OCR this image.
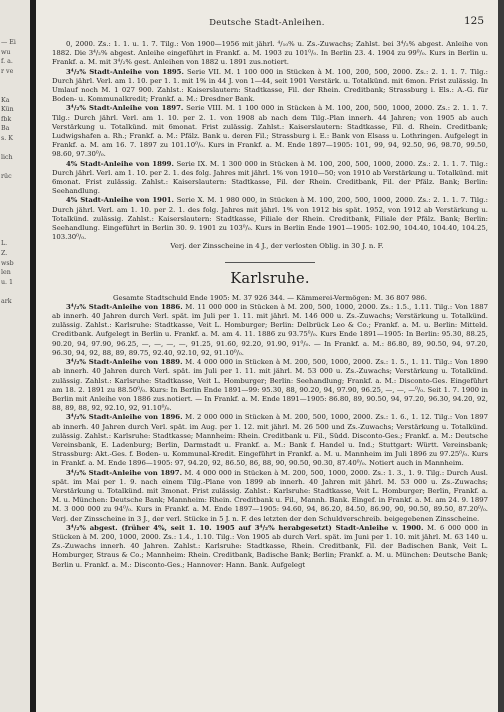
— Ei
wu
f. a.
r ve

Ka
Kün
fbk
Ba
s. K

lich

rüc

L.
Z.
wsb
len
u. 1

ark

Deutsche Stadt-Anleihen.	125

0, 2000. Zs.: 1. 1. u. 1. 7. Tilg.: Von 1900—1956 mit jährl. ⁴/₁₀% u. Zs.-Zuwachs; Zahlst. bei 3⁴/₂% abgest. Anleihe von 1882. Die 3⁴/₂% abgest. Anleihe eingeführt in Frankf. a. M. 1903 zu 101⁰/₀. In Berlin 23. 4. 1904 zu 99⁰/₀. Kurs in Berlin u. Frankf. a. M. mit 3⁴/₂% gest. Anleihen von 1882 u. 1891 zus.notiert.

3⁴/₂% Stadt-Anleihe von 1895. Serie VII. M. 1 100 000 in Stücken à M. 100, 200, 500, 2000. Zs.: 2. 1. 1. 7. Tilg.: Durch jährl. Verl. am 1. 10. per 1. 1. mit 1% in 44 J. von 1—44, seit 1901 Verstärk. u. Totalkünd. mit 6mon. Frist zulässig. In Umlauf noch M. 1 027 900. Zahlst.: Kaiserslautern: Stadtkasse, Fil. der Rhein. Creditbank; Strassburg i. Els.: A.-G. für Boden- u. Kommunalkredit; Frankf. a. M.: Dresdner Bank.

3⁴/₂% Stadt-Anleihe von 1897. Serie VIII. M. 1 100 000 in Stücken à M. 100, 200, 500, 1000, 2000. Zs.: 2. 1. 1. 7. Tilg.: Durch jährl. Verl. am 1. 10. per 2. 1. von 1908 ab nach dem Tilg.-Plan innerh. 44 Jahren; von 1905 ab auch Verstärkung u. Totalkünd. mit 6monat. Frist zulässig. Zahlst.: Kaiserslautern: Stadtkasse, Fil. d. Rhein. Creditbank; Ludwigshafen a. Rh.; Frankf. a. M.: Pfälz. Bank u. deren Fil.; Strassburg i. E.: Bank von Elsass u. Lothringen. Aufgelegt in Frankf. a. M. am 16. 7. 1897 zu 101.10⁰/₀. Kurs in Frankf. a. M. Ende 1897—1905: 101, 99, 94, 92.50, 96, 98.70, 99.50, 98.60, 97.30⁰/₀.

4% Stadt-Anleihe von 1899. Serie IX. M. 1 300 000 in Stücken à M. 100, 200, 500, 1000, 2000. Zs.: 2. 1. 1. 7. Tilg.: Durch jährl. Verl. am 1. 10. per 2. 1. des folg. Jahres mit jährl. 1% von 1910—50; von 1910 ab Verstärkung u. Totalkünd. mit 6monat. Frist zulässig. Zahlst.: Kaiserslautern: Stadtkasse, Fil. der Rhein. Creditbank, Fil. der Pfälz. Bank; Berlin: Seehandlung.

4% Stadt-Anleihe von 1901. Serie X. M. 1 980 000, in Stücken à M. 100, 200, 500, 1000, 2000. Zs.: 2. 1. 1. 7. Tilg.: Durch jährl. Verl. am 1. 10. per 2. 1. des folg. Jahres mit jährl. 1% von 1912 bis spät. 1952, von 1912 ab Verstärkung u. Totalkünd. zulässig. Zahlst.: Kaiserslautern: Stadtkasse, Filiale der Rhein. Creditbank, Filiale der Pfälz. Bank; Berlin: Seehandlung. Eingeführt in Berlin 30. 9. 1901 zu 103⁰/₀. Kurs in Berlin Ende 1901—1905: 102.90, 104.40, 104.40, 104.25, 103.30⁰/₀.

Verj. der Zinsscheine in 4 J., der verlosten Oblig. in 30 J. n. F.

Karlsruhe.

Gesamte Stadtschuld Ende 1905: M. 37 926 344. — Kämmerei-Vermögen: M. 36 807 986.

3⁴/₂% Stadt-Anleihe von 1886. M. 11 000 000 in Stücken à M. 200, 500, 1000, 2000. Zs.: 1.5., 1.11. Tilg.: Von 1887 ab innerh. 40 Jahren durch Verl. spät. im Juli per 1. 11. mit jährl. M. 146 000 u. Zs.-Zuwachs; Verstärkung u. Totalkünd. zulässig. Zahlst.: Karlsruhe: Stadtkasse, Veit L. Homburger; Berlin: Delbrück Leo & Co.; Frankf. a. M. u. Berlin: Mitteld. Creditbank. Aufgelegt in Berlin u. Frankf. a. M. am 4. 11. 1886 zu 93.75⁰/₀. Kurs Ende 1891—1905: In Berlin: 95.30, 88.25, 90.20, 94, 97.90, 96.25, —, —, —, —, 91.25, 91.60, 92.20, 91.90, 91⁰/₀. — In Frankf. a. M.: 86.80, 89, 90.50, 94, 97.20, 96.30, 94, 92, 88, 89, 89.75, 92.40, 92.10, 92, 91.10⁰/₀.

3⁴/₂% Stadt-Anleihe von 1889. M. 4 000 000 in Stücken à M. 200, 500, 1000, 2000. Zs.: 1. 5., 1. 11. Tilg.: Von 1890 ab innerh. 40 Jahren durch Verl. spät. im Juli per 1. 11. mit jährl. M. 53 000 u. Zs.-Zuwachs; Verstärkung u. Totalkünd. zulässig. Zahlst.: Karlsruhe: Stadtkasse, Veit L. Homburger; Berlin: Seehandlung; Frankf. a. M.: Disconto-Ges. Eingeführt am 18. 2. 1891 zu 88.50⁰/₀. Kurs: In Berlin Ende 1891—99: 95.30, 88, 90.20, 94, 97.90, 96.25, —, —, —⁰/₀. Seit 1. 7. 1900 in Berlin mit Anleihe von 1886 zus.notiert. — In Frankf. a. M. Ende 1891—1905: 86.80, 89, 90.50, 94, 97.20, 96.30, 94.20, 92, 88, 89, 88, 92, 92.10, 92, 91.10⁰/₀.

3⁴/₂% Stadt-Anleihe von 1896. M. 2 000 000 in Stücken à M. 200, 500, 1000, 2000. Zs.: 1. 6., 1. 12. Tilg.: Von 1897 ab innerh. 40 Jahren durch Verl. spät. im Aug. per 1. 12. mit jährl. M. 26 500 und Zs.-Zuwachs; Verstärkung u. Totalkünd. zulässig. Zahlst.: Karlsruhe: Stadtkasse; Mannheim: Rhein. Creditbank u. Fil., Südd. Disconto-Ges.; Frankf. a. M.: Deutsche Vereinsbank, E. Ladenburg; Berlin, Darmstadt u. Frankf. a. M.: Bank f. Handel u. Ind.; Stuttgart: Württ. Vereinsbank; Strassburg: Akt.-Ges. f. Boden- u. Kommunal-Kredit. Eingeführt in Frankf. a. M. u. Mannheim im Juli 1896 zu 97.25⁰/₀. Kurs in Frankf. a. M. Ende 1896—1905: 97, 94.20, 92, 86.50, 86, 88, 90, 90.50, 90.30, 87.40⁰/₀. Notiert auch in Mannheim.

3⁴/₂% Stadt-Anleihe von 1897. M. 4 000 000 in Stücken à M. 200, 500, 1000, 2000. Zs.: 1. 3., 1. 9. Tilg.: Durch Ausl. spät. im Mai per 1. 9. nach einem Tilg.-Plane von 1899 ab innerh. 40 Jahren mit jährl. M. 53 000 u. Zs.-Zuwachs; Verstärkung u. Totalkünd. mit 3monat. Frist zulässig. Zahlst.: Karlsruhe: Stadtkasse, Veit L. Homburger; Berlin, Frankf. a. M. u. München: Deutsche Bank; Mannheim: Rhein. Creditbank u. Fil., Mannh. Bank. Eingef. in Frankf. a. M. am 24. 9. 1897 M. 3 000 000 zu 94⁰/₀. Kurs in Frankf. a. M. Ende 1897—1905: 94.60, 94, 86.20, 84.50, 86.90, 90, 90.50, 89.50, 87.20⁰/₀. Verj. der Zinsscheine in 3 J., der verl. Stücke in 5 J. n. F. des letzten der den Schuldverschreib. beigegebenen Zinsscheine.

3⁴/₂% abgest. (früher 4%, seit 1. 10. 1905 auf 3⁴/₂% herabgesetzt) Stadt-Anleihe v. 1900. M. 6 000 000 in Stücken à M. 200, 1000, 2000. Zs.: 1.4., 1.10. Tilg.: Von 1905 ab durch Verl. spät. im Juni per 1. 10. mit jährl. M. 63 140 u. Zs.-Zuwachs innerh. 40 Jahren. Zahlst.: Karlsruhe: Stadtkasse, Rhein. Creditbank, Fil. der Badischen Bank, Veit L. Homburger, Straus & Co.; Mannheim: Rhein. Creditbank, Badische Bank; Berlin; Frankf. a. M. u. München: Deutsche Bank; Berlin u. Frankf. a. M.: Disconto-Ges.; Hannover: Hann. Bank. Aufgelegt
